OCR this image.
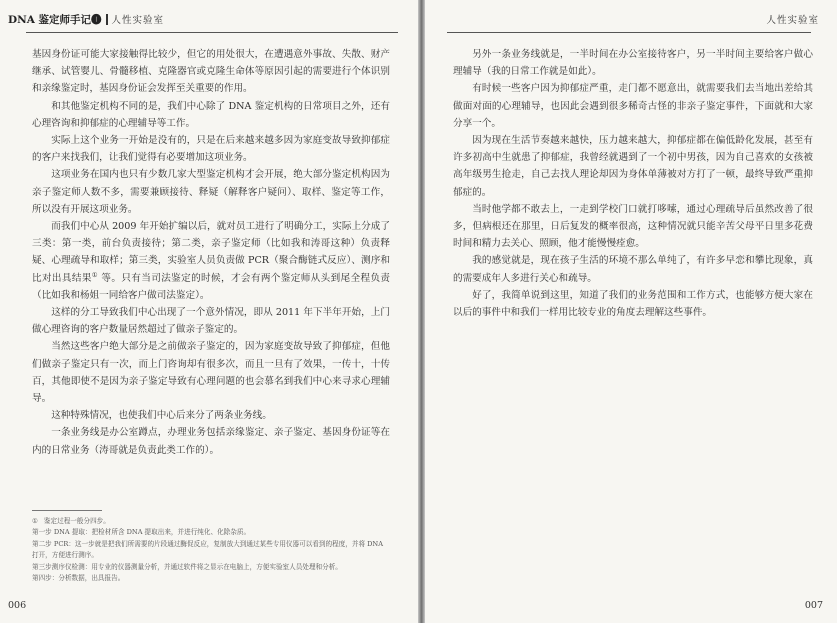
DNA 鉴定师手记❶ 人性实验室

基因身份证可能大家接触得比较少，但它的用处很大，在遭遇意外事故、失散、财产继承、试管婴儿、骨髓移植、克隆器官或克隆生命体等原因引起的需要进行个体识别和亲缘鉴定时，基因身份证会发挥至关重要的作用。

和其他鉴定机构不同的是，我们中心除了 DNA 鉴定机构的日常项目之外，还有心理咨询和抑郁症的心理辅导等工作。

实际上这个业务一开始是没有的，只是在后来越来越多因为家庭变故导致抑郁症的客户来找我们，让我们觉得有必要增加这项业务。

这项业务在国内也只有少数几家大型鉴定机构才会开展，绝大部分鉴定机构因为亲子鉴定师人数不多，需要兼顾接待、释疑（解释客户疑问）、取样、鉴定等工作，所以没有开展这项业务。

而我们中心从 2009 年开始扩编以后，就对员工进行了明确分工，实际上分成了三类：第一类，前台负责接待；第二类，亲子鉴定师（比如我和涛哥这种）负责释疑、心理疏导和取样；第三类，实验室人员负责做 PCR（聚合酶链式反应）、测序和比对出具结果① 等。只有当司法鉴定的时候，才会有两个鉴定师从头到尾全程负责（比如我和杨姐一同给客户做司法鉴定）。

这样的分工导致我们中心出现了一个意外情况，即从 2011 年下半年开始，上门做心理咨询的客户数量居然超过了做亲子鉴定的。

当然这些客户绝大部分是之前做亲子鉴定的，因为家庭变故导致了抑郁症，但他们做亲子鉴定只有一次，而上门咨询却有很多次，而且一旦有了效果，一传十，十传百，其他即使不是因为亲子鉴定导致有心理问题的也会慕名到我们中心来寻求心理辅导。

这种特殊情况，也使我们中心后来分了两条业务线。

一条业务线是办公室蹲点，办理业务包括亲缘鉴定、亲子鉴定、基因身份证等在内的日常业务（涛哥就是负责此类工作的）。

① 鉴定过程一般分四步。

第一步 DNA 提取：把检材所含 DNA 提取出来，并进行纯化、化除杂质。

第二步 PCR：这一步就是把我们所需要的片段通过酶促反应，复制放大到通过某些专用仪器可以看到的程度，并将 DNA 打开，方便进行测序。

第三步测序仪检测：用专业的仪器测量分析，并通过软件将之显示在电脑上，方便实验室人员处理和分析。

第四步：分析数据，出具报告。

006
人性实验室

另外一条业务线就是，一半时间在办公室接待客户，另一半时间主要给客户做心理辅导（我的日常工作就是如此）。

有时候一些客户因为抑郁症严重，走门都不愿意出，就需要我们去当地出差给其做面对面的心理辅导，也因此会遇到很多稀奇古怪的非亲子鉴定事件，下面就和大家分享一个。

因为现在生活节奏越来越快，压力越来越大，抑郁症都在偏低龄化发展，甚至有许多初高中生就患了抑郁症，我曾经就遇到了一个初中男孩，因为自己喜欢的女孩被高年级男生抢走，自己去找人理论却因为身体单薄被对方打了一顿，最终导致严重抑郁症的。

当时他学都不敢去上，一走到学校门口就打哆嗦，通过心理疏导后虽然改善了很多，但病根还在那里，日后复发的概率很高，这种情况就只能辛苦父母平日里多花费时间和精力去关心、照顾，他才能慢慢痊愈。

我的感觉就是，现在孩子生活的环境不那么单纯了，有许多早恋和攀比现象，真的需要成年人多进行关心和疏导。

好了，我简单说到这里，知道了我们的业务范围和工作方式，也能够方便大家在以后的事件中和我们一样用比较专业的角度去理解这些事件。

007
